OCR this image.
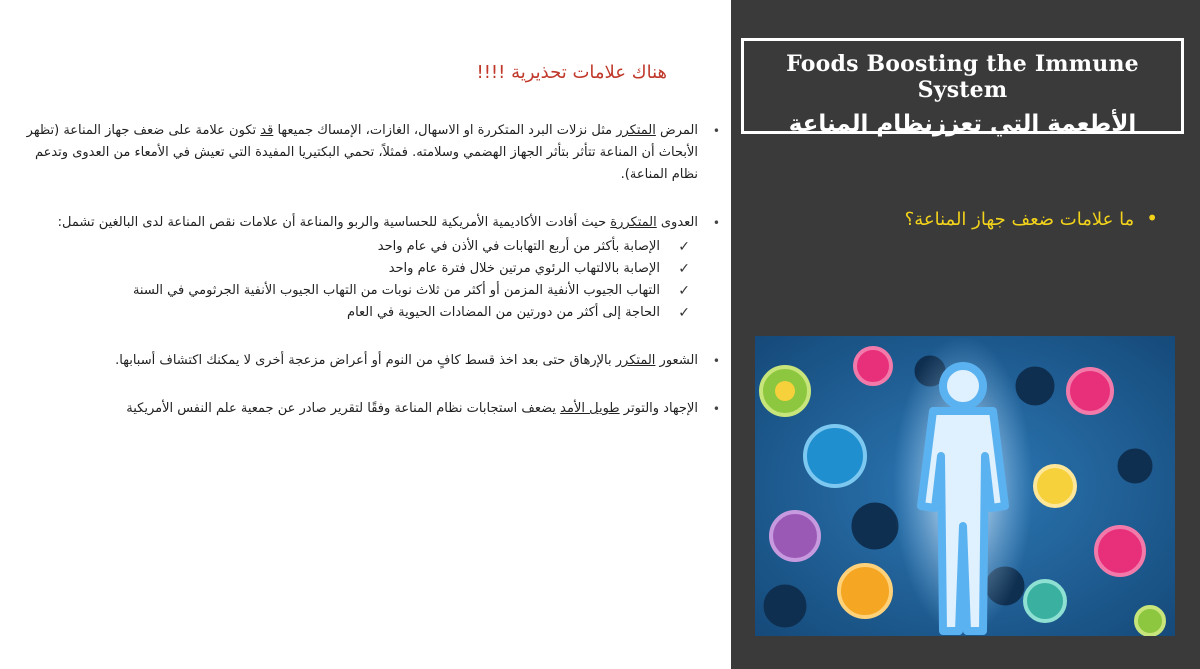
Foods Boosting the Immune System
الأطعمة التي تعززنظام المناعة
•ما علامات ضعف جهاز المناعة؟
هناك علامات تحذيرية !!!!
•
المرض المتكرر مثل نزلات البرد المتكررة او الاسهال، الغازات، الإمساك جميعها قد تكون علامة على ضعف جهاز المناعة (تظهر الأبحاث أن المناعة تتأثر بتأثر الجهاز الهضمي وسلامته. فمثلاً، تحمي البكتيريا المفيدة التي تعيش في الأمعاء من العدوى وتدعم نظام المناعة).
•
العدوى المتكررة حيث أفادت الأكاديمية الأمريكية للحساسية والربو والمناعة أن علامات نقص المناعة لدى البالغين تشمل:
✓
الإصابة بأكثر من أربع التهابات في الأذن في عام واحد
✓
الإصابة بالالتهاب الرئوي مرتين خلال فترة عام واحد
✓
التهاب الجيوب الأنفية المزمن أو أكثر من ثلاث نوبات من التهاب الجيوب الأنفية الجرثومي في السنة
✓
الحاجة إلى أكثر من دورتين من المضادات الحيوية في العام
•
الشعور المتكرر بالإرهاق حتى بعد اخذ قسط كافٍ من النوم أو أعراض مزعجة أخرى لا يمكنك اكتشاف أسبابها.
•
الإجهاد والتوتر طويل الأمد يضعف استجابات نظام المناعة وفقًا لتقرير صادر عن جمعية علم النفس الأمريكية
